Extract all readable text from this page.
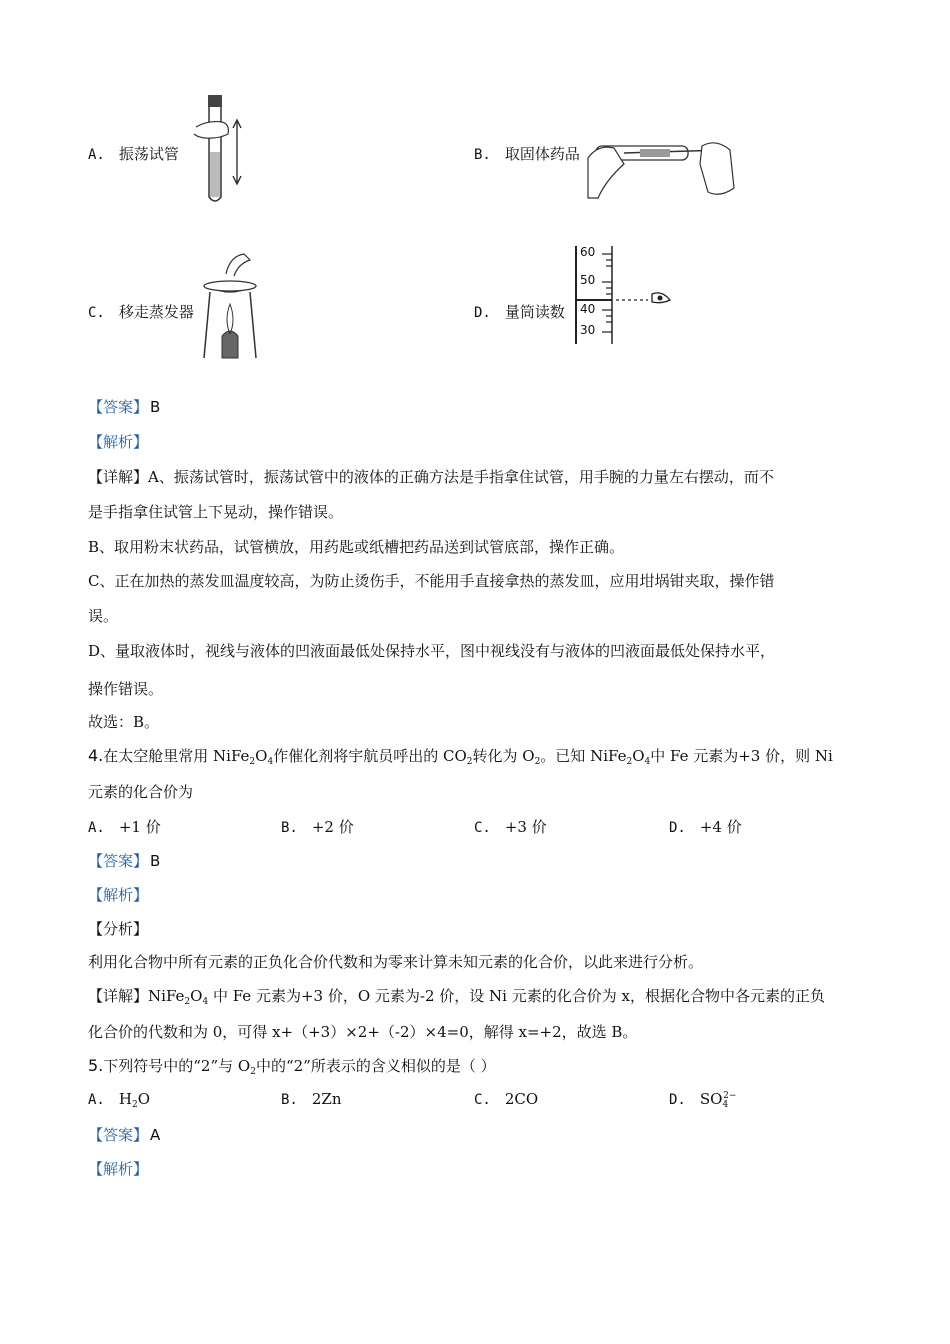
A. 振荡试管	B. 取固体药品
C. 移走蒸发器	D. 量筒读数
60
50
40
30
【答案】 B
【解析】
【详解】A、振荡试管时，振荡试管中的液体的正确方法是手指拿住试管，用手腕的力量左右摆动，而不
是手指拿住试管上下晃动，操作错误。
B、取用粉末状药品，试管横放，用药匙或纸槽把药品送到试管底部，操作正确。
C、正在加热的蒸发皿温度较高，为防止烫伤手，不能用手直接拿热的蒸发皿，应用坩埚钳夹取，操作错
误。
D、量取液体时，视线与液体的凹液面最低处保持水平，图中视线没有与液体的凹液面最低处保持水平，
操作错误。
故选：B。
4.在太空舱里常用 $NiFe_2O_4$作催化剂将宇航员呼出的 $CO_2$转化为 $O_2$。已知 $NiFe_2O_4$中 Fe 元素为+3 价，则 Ni
元素的化合价为
A. +1 价	B. +2 价	C. +3 价	D. +4 价
【答案】 B
【解析】
【分析】
利用化合物中所有元素的正负化合价代数和为零来计算未知元素的化合价，以此来进行分析。
【详解】$NiFe_2O_4$ 中 Fe 元素为+3 价，O 元素为-2 价，设 Ni 元素的化合价为 x，根据化合物中各元素的正负
化合价的代数和为 0，可得 x+（+3）×2+（-2）×4=0，解得 x=+2，故选 B。
5.下列符号中的“2”与 $O_2$中的“2”所表示的含义相似的是（ ）
A. $H_2O$	B. 2Zn	C. 2CO	D. $SO_4^{2-}$
【答案】 A
【解析】
